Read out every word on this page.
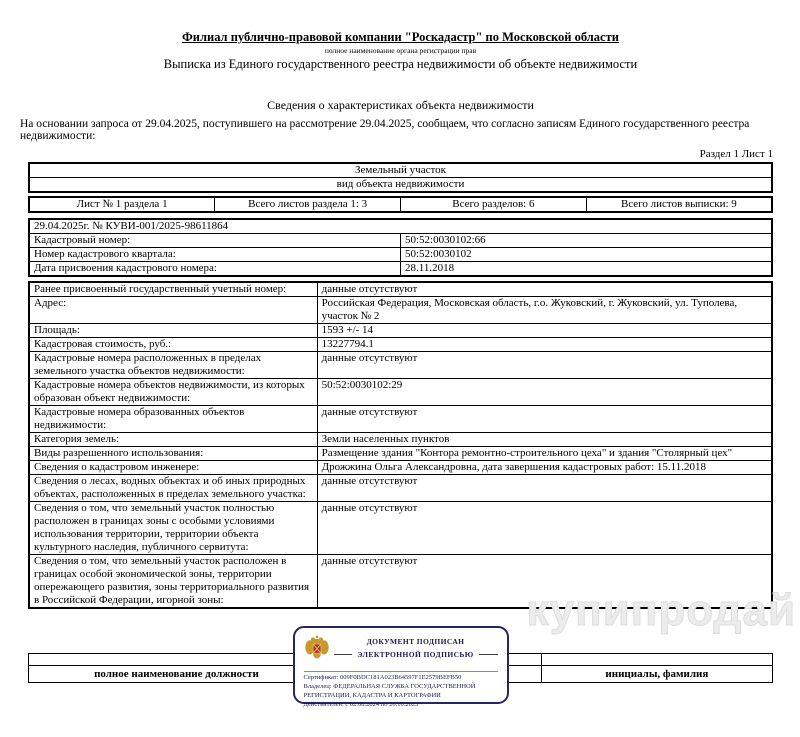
Филиал публично-правовой компании "Роскадастр" по Московской области
полное наименование органа регистрации прав
Выписка из Единого государственного реестра недвижимости об объекте недвижимости
Сведения о характеристиках объекта недвижимости
На основании запроса от 29.04.2025, поступившего на рассмотрение 29.04.2025, сообщаем, что согласно записям Единого государственного реестра недвижимости:
Раздел 1 Лист 1
Земельный участок
вид объекта недвижимости
Лист № 1 раздела 1	Всего листов раздела 1: 3	Всего разделов: 6	Всего листов выписки: 9
29.04.2025г. № КУВИ-001/2025-98611864	
Кадастровый номер:	50:52:0030102:66
Номер кадастрового квартала:	50:52:0030102
Дата присвоения кадастрового номера:	28.11.2018
Ранее присвоенный государственный учетный номер:	данные отсутствуют
Адрес:	Российская Федерация, Московская область, г.о. Жуковский, г. Жуковский, ул. Туполева, участок № 2
Площадь:	1593 +/- 14
Кадастровая стоимость, руб.:	13227794.1
Кадастровые номера расположенных в пределах земельного участка объектов недвижимости:	данные отсутствуют
Кадастровые номера объектов недвижимости, из которых образован объект недвижимости:	50:52:0030102:29
Кадастровые номера образованных объектов недвижимости:	данные отсутствуют
Категория земель:	Земли населенных пунктов
Виды разрешенного использования:	Размещение здания "Контора ремонтно-строительного цеха" и здания "Столярный цех"
Сведения о кадастровом инженере:	Дрожжина Ольга Александровна, дата завершения кадастровых работ: 15.11.2018
Сведения о лесах, водных объектах и об иных природных объектах, расположенных в пределах земельного участка:	данные отсутствуют
Сведения о том, что земельный участок полностью расположен в границах зоны с особыми условиями использования территории, территории объекта культурного наследия, публичного сервитута:	данные отсутствуют
Сведения о том, что земельный участок расположен в границах особой экономической зоны, территории опережающего развития, зоны территориального развития в Российской Федерации, игорной зоны:	данные отсутствуют

полное наименование должности		инициалы, фамилия
ДОКУМЕНТ ПОДПИСАН
ЭЛЕКТРОННОЙ ПОДПИСЬЮ
Сертификат: 009F0BDC181A023B64597F1E2579BEFB50
Владелец: ФЕДЕРАЛЬНАЯ СЛУЖБА ГОСУДАРСТВЕННОЙ
РЕГИСТРАЦИИ, КАДАСТРА И КАРТОГРАФИИ
Действителен: с 02.08.2024 по 26.10.2025
купипродай
